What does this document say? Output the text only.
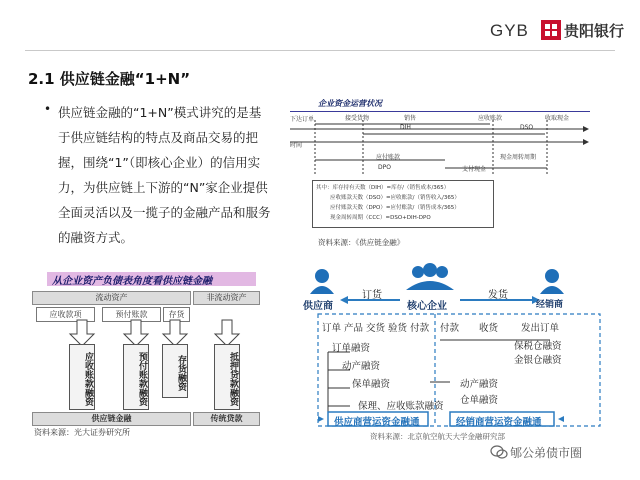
GYB 贵阳银行
2.1 供应链金融“1+N”
• 供应链金融的“1+N”模式讲究的是基于供应链结构的特点及商品交易的把握，围绕“1”（即核心企业）的信用实力，为供应链上下游的“N”家企业提供 全面灵活以及一揽子的金融产品和服务的融资方式。
从企业资产负债表角度看供应链金融
流动资产	非流动资产
应收款项	预付账款	存货
应收账款融资	预付账款融资	存货融资	抵押贷款融资
供应链金融	传统贷款
资料来源：光大证券研究所
企业资金运营状况
下达订单	接受货物	销售	应收账款	收取现金
时间
DIH	DSO
应付账款	现金周转周期
支付现金
DPO
其中：库存持有天数（DIH）=库存/（销售成本/365）
应收账款天数（DSO）=应收账款/（销售收入/365）
应付账款天数（DPO）=应付账款/（销售成本/365）
现金周转周期（CCC）=DSO+DIH-DPO
资料来源：《供应链金融》
供应商	核心企业	经销商
订货	发货
订单 产品 交货 验货 付款 付款 收货 发出订单
订单融资
动产融资
保单融资
保理、应收账款融资
动产融资
仓单融资
保税仓融资
金银仓融资
供应商营运资金融通	经销商营运资金融通
资料来源：北京航空航天大学金融研究部
郇公弟债市圈
